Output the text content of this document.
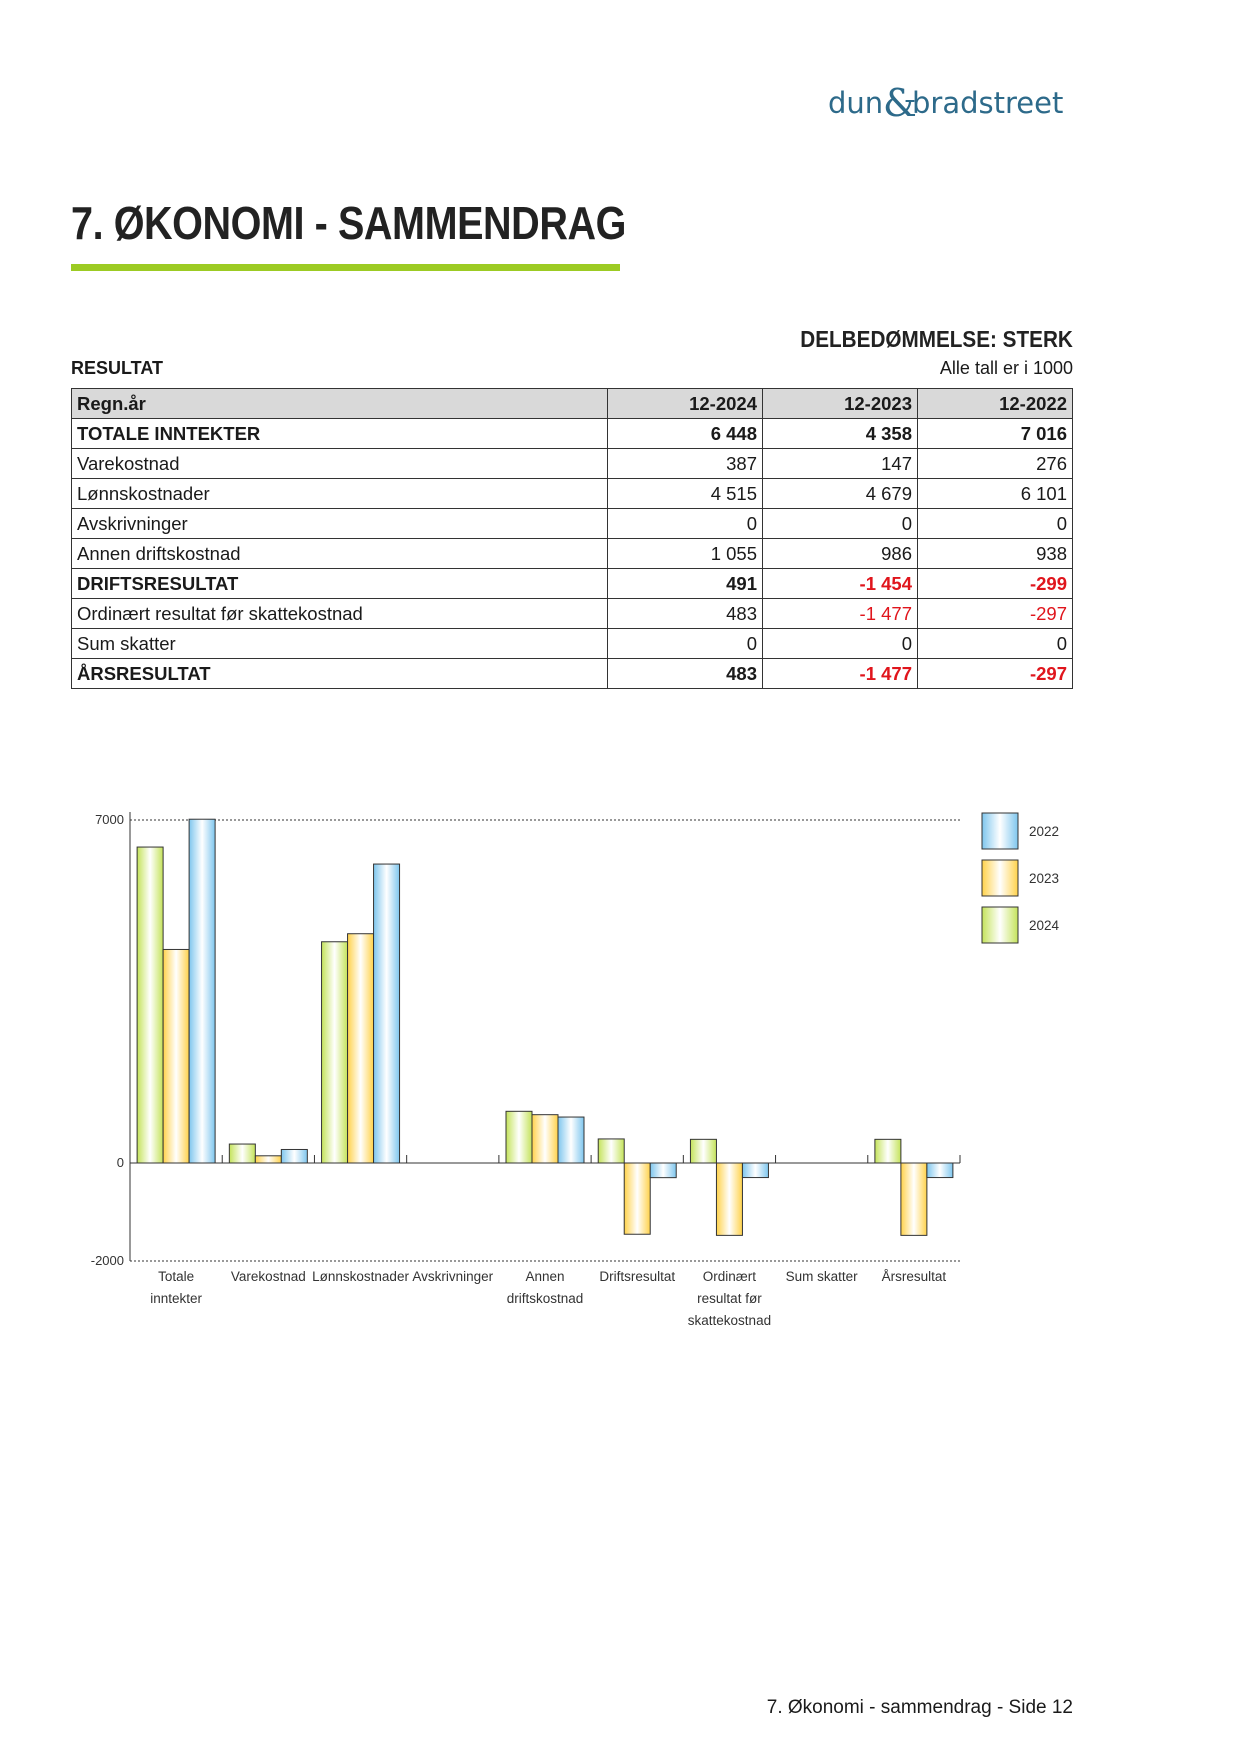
dun &
bradstreet
7. ØKONOMI - SAMMENDRAG
DELBEDØMMELSE: STERK
RESULTAT	Alle tall er i 1000
Regn.år	12-2024	12-2023	12-2022
TOTALE INNTEKTER	6 448	4 358	7 016
Varekostnad	387	147	276
Lønnskostnader	4 515	4 679	6 101
Avskrivninger	0	0	0
Annen driftskostnad	1 055	986	938
DRIFTSRESULTAT	491	-1 454	-299
Ordinært resultat før skattekostnad	483	-1 477	-297
Sum skatter	0	0	0
ÅRSRESULTAT	483	-1 477	-297
7000
0
-2000
Totale inntekter
Varekostnad Lønnskostnader Avskrivninger	Annen driftskostnad
Driftsresultat	Ordinært resultat før skattekostnad
Sum skatter Årsresultat
2022
2023
2024
7. Økonomi - sammendrag - Side 12
